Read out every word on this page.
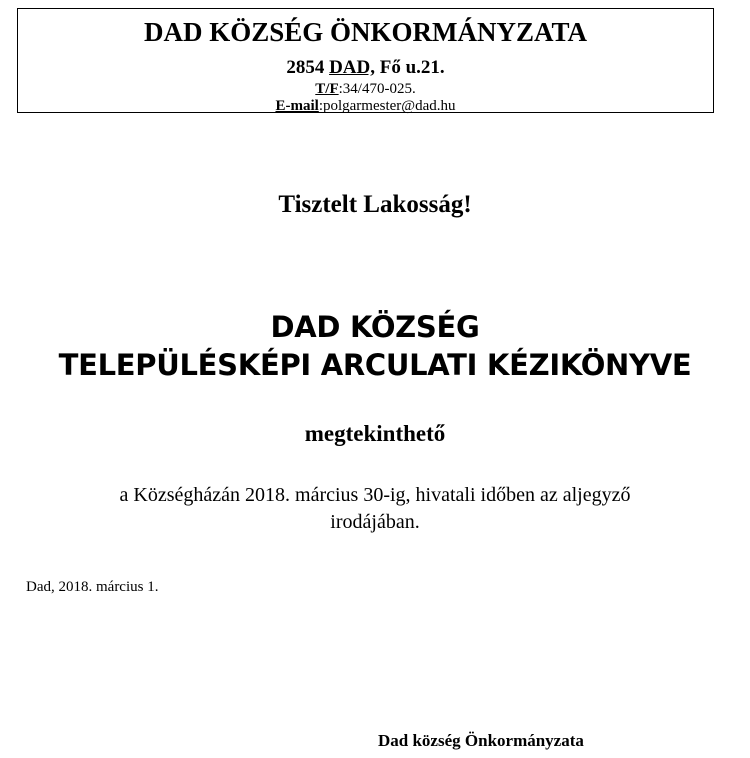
DAD KÖZSÉG ÖNKORMÁNYZATA
2854 DAD, Fő u.21.
T/F:34/470-025.
E-mail:polgarmester@dad.hu
Tisztelt Lakosság!
DAD KÖZSÉG
TELEPÜLÉSKÉPI ARCULATI KÉZIKÖNYVE
megtekinthető
a Községházán 2018. március 30-ig, hivatali időben az aljegyző
irodájában.
Dad, 2018. március 1.
Dad község Önkormányzata
